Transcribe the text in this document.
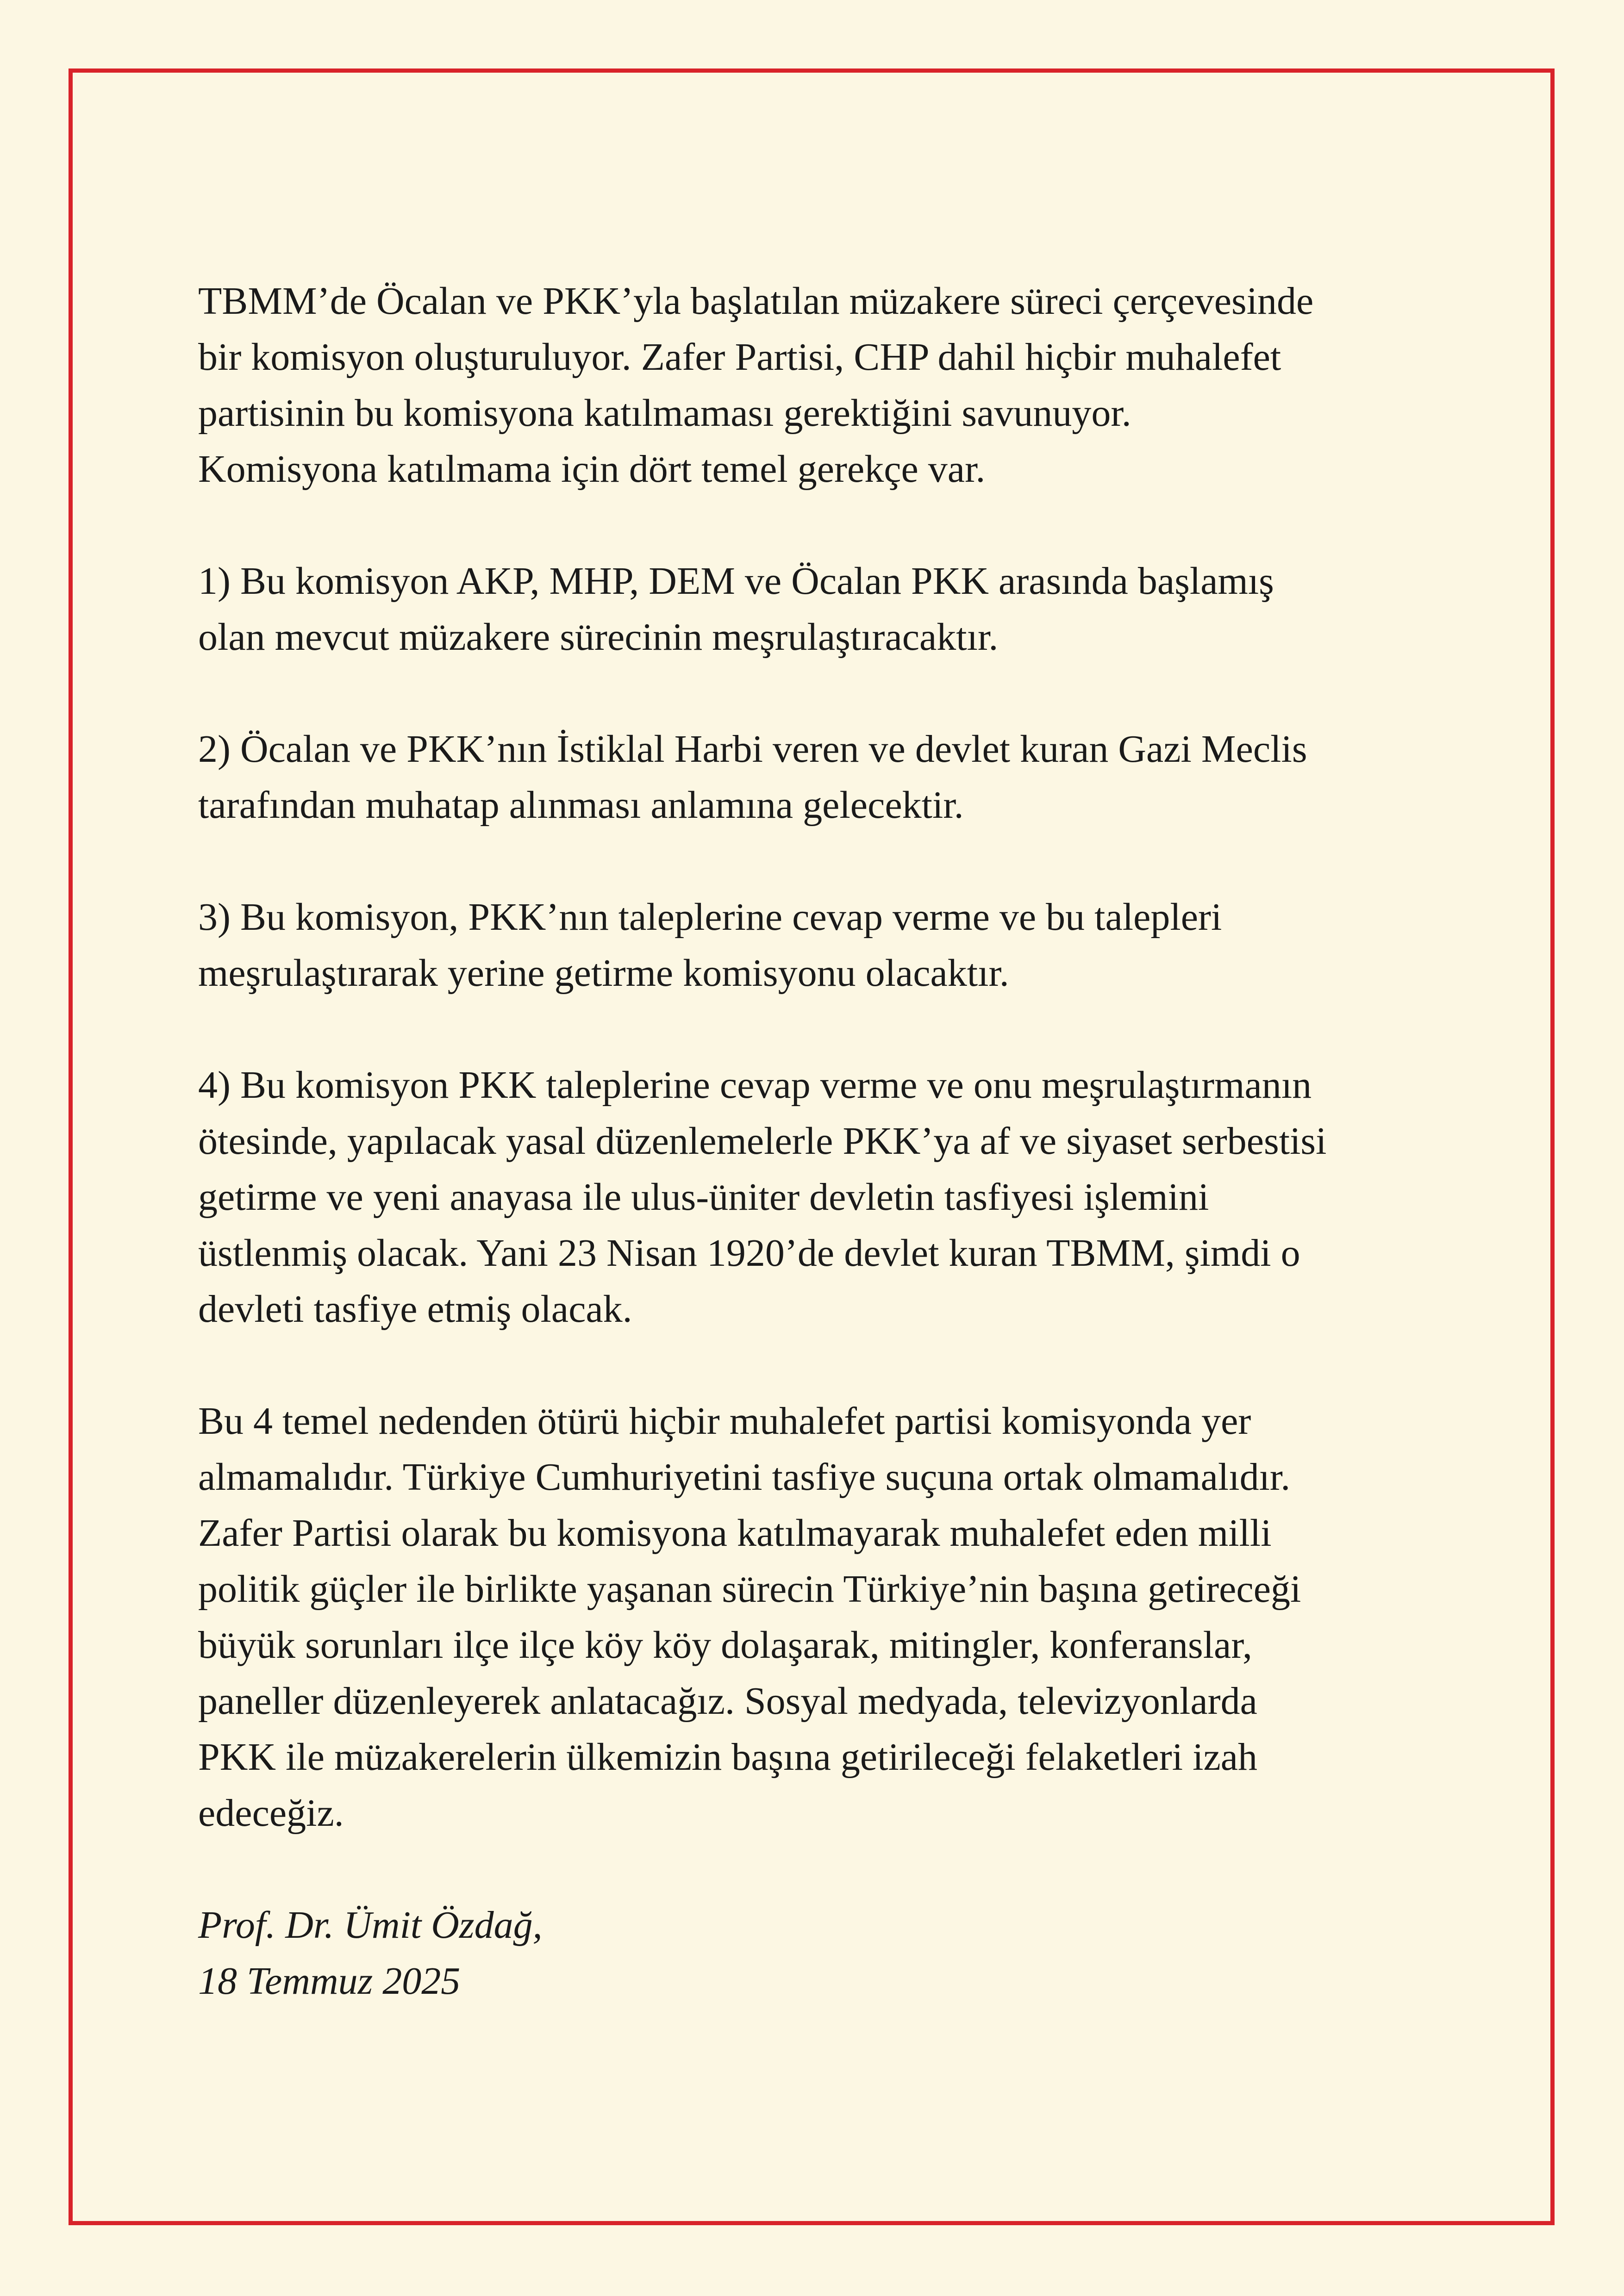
TBMM’de Öcalan ve PKK’yla başlatılan müzakere süreci çerçevesinde
bir komisyon oluşturuluyor. Zafer Partisi, CHP dahil hiçbir muhalefet
partisinin bu komisyona katılmaması gerektiğini savunuyor.
Komisyona katılmama için dört temel gerekçe var.

1) Bu komisyon AKP, MHP, DEM ve Öcalan PKK arasında başlamış
olan mevcut müzakere sürecinin meşrulaştıracaktır.

2) Öcalan ve PKK’nın İstiklal Harbi veren ve devlet kuran Gazi Meclis
tarafından muhatap alınması anlamına gelecektir.

3) Bu komisyon, PKK’nın taleplerine cevap verme ve bu talepleri
meşrulaştırarak yerine getirme komisyonu olacaktır.

4) Bu komisyon PKK taleplerine cevap verme ve onu meşrulaştırmanın
ötesinde, yapılacak yasal düzenlemelerle PKK’ya af ve siyaset serbestisi
getirme ve yeni anayasa ile ulus-üniter devletin tasfiyesi işlemini
üstlenmiş olacak. Yani 23 Nisan 1920’de devlet kuran TBMM, şimdi o
devleti tasfiye etmiş olacak.

Bu 4 temel nedenden ötürü hiçbir muhalefet partisi komisyonda yer
almamalıdır. Türkiye Cumhuriyetini tasfiye suçuna ortak olmamalıdır.
Zafer Partisi olarak bu komisyona katılmayarak muhalefet eden milli
politik güçler ile birlikte yaşanan sürecin Türkiye’nin başına getireceği
büyük sorunları ilçe ilçe köy köy dolaşarak, mitingler, konferanslar,
paneller düzenleyerek anlatacağız. Sosyal medyada, televizyonlarda
PKK ile müzakerelerin ülkemizin başına getirileceği felaketleri izah
edeceğiz.

Prof. Dr. Ümit Özdağ,
18 Temmuz 2025
